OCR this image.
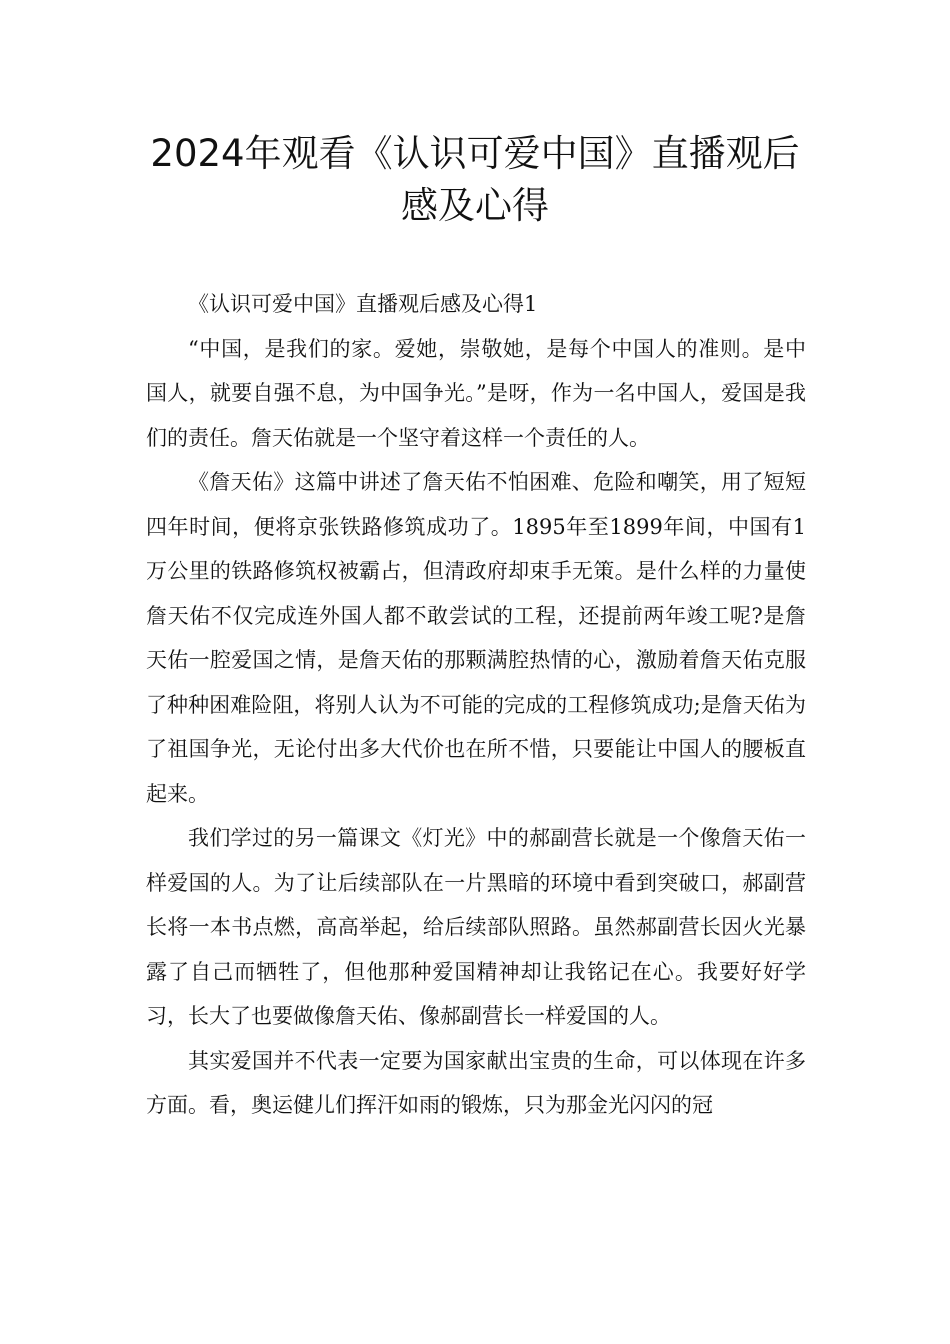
2024年观看《认识可爱中国》直播观后
感及心得

《认识可爱中国》直播观后感及心得1

“中国，是我们的家。爱她，崇敬她，是每个中国人的准则。是中国人，就要自强不息，为中国争光。”是呀，作为一名中国人，爱国是我们的责任。詹天佑就是一个坚守着这样一个责任的人。

《詹天佑》这篇中讲述了詹天佑不怕困难、危险和嘲笑，用了短短四年时间，便将京张铁路修筑成功了。1895年至1899年间，中国有1万公里的铁路修筑权被霸占，但清政府却束手无策。是什么样的力量使詹天佑不仅完成连外国人都不敢尝试的工程，还提前两年竣工呢?是詹天佑一腔爱国之情，是詹天佑的那颗满腔热情的心，激励着詹天佑克服了种种困难险阻，将别人认为不可能的完成的工程修筑成功;是詹天佑为了祖国争光，无论付出多大代价也在所不惜，只要能让中国人的腰板直起来。

我们学过的另一篇课文《灯光》中的郝副营长就是一个像詹天佑一样爱国的人。为了让后续部队在一片黑暗的环境中看到突破口，郝副营长将一本书点燃，高高举起，给后续部队照路。虽然郝副营长因火光暴露了自己而牺牲了，但他那种爱国精神却让我铭记在心。我要好好学习，长大了也要做像詹天佑、像郝副营长一样爱国的人。

其实爱国并不代表一定要为国家献出宝贵的生命，可以体现在许多方面。看，奥运健儿们挥汗如雨的锻炼，只为那金光闪闪的冠
